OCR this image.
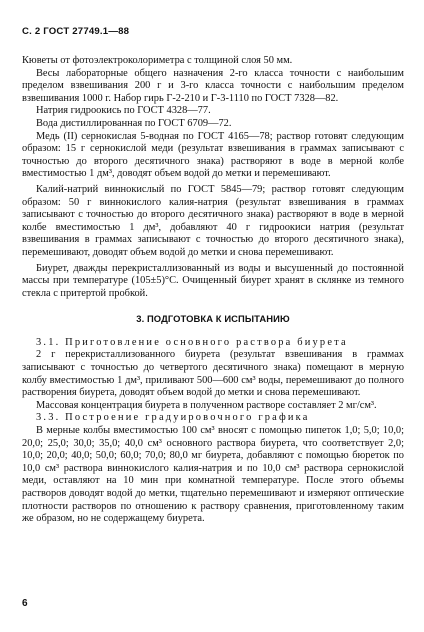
С. 2 ГОСТ 27749.1—88

Кюветы от фотоэлектроколориметра с толщиной слоя 50 мм.

Весы лабораторные общего назначения 2-го класса точности с наибольшим пределом взвешивания 200 г и 3-го класса точности с наибольшим пределом взвешивания 1000 г. Набор гирь Г-2-210 и Г-3-1110 по ГОСТ 7328—82.

Натрия гидроокись по ГОСТ 4328—77.

Вода дистиллированная по ГОСТ 6709—72.

Медь (II) сернокислая 5-водная по ГОСТ 4165—78; раствор готовят следующим образом: 15 г сернокислой меди (результат взвешивания в граммах записывают с точностью до второго десятичного знака) растворяют в воде в мерной колбе вместимостью 1 дм³, доводят объем водой до метки и перемешивают.

Калий-натрий виннокислый по ГОСТ 5845—79; раствор готовят следующим образом: 50 г виннокислого калия-натрия (результат взвешивания в граммах записывают с точностью до второго десятичного знака) растворяют в воде в мерной колбе вместимостью 1 дм³, добавляют 40 г гидроокиси натрия (результат взвешивания в граммах записывают с точностью до второго десятичного знака), перемешивают, доводят объем водой до метки и снова перемешивают.

Биурет, дважды перекристаллизованный из воды и высушенный до постоянной массы при температуре (105±5)°С. Очищенный биурет хранят в склянке из темного стекла с притертой пробкой.

3. ПОДГОТОВКА К ИСПЫТАНИЮ

3.1. Приготовление основного раствора биурета

2 г перекристаллизованного биурета (результат взвешивания в граммах записывают с точностью до четвертого десятичного знака) помещают в мерную колбу вместимостью 1 дм³, приливают 500—600 см³ воды, перемешивают до полного растворения биурета, доводят объем водой до метки и снова перемешивают.

Массовая концентрация биурета в полученном растворе составляет 2 мг/см³.

3.3. Построение градуировочного графика

В мерные колбы вместимостью 100 см³ вносят с помощью пипеток 1,0; 5,0; 10,0; 20,0; 25,0; 30,0; 35,0; 40,0 см³ основного раствора биурета, что соответствует 2,0; 10,0; 20,0; 40,0; 50,0; 60,0; 70,0; 80,0 мг биурета, добавляют с помощью бюреток по 10,0 см³ раствора виннокислого калия-натрия и по 10,0 см³ раствора сернокислой меди, оставляют на 10 мин при комнатной температуре. После этого объемы растворов доводят водой до метки, тщательно перемешивают и измеряют оптические плотности растворов по отношению к раствору сравнения, приготовленному таким же образом, но не содержащему биурета.

6
